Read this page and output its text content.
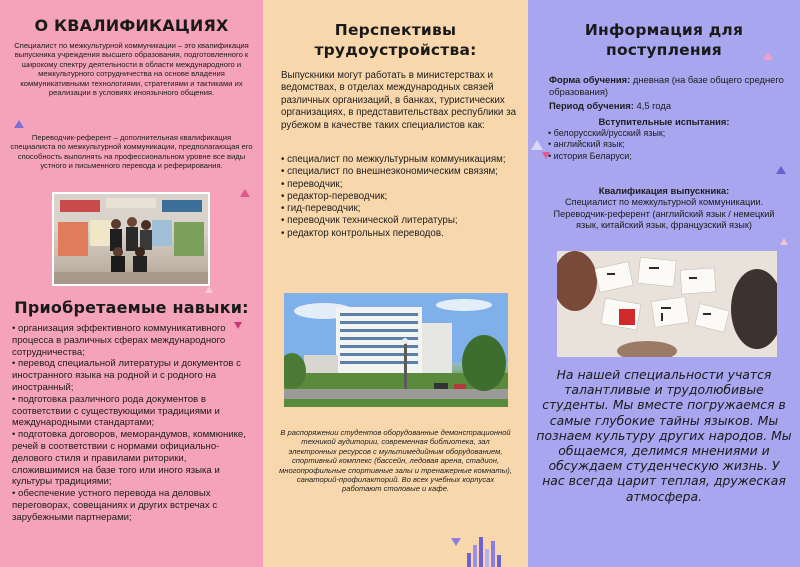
О КВАЛИФИКАЦИЯХ

Специалист по межкультурной коммуникации – это квалификация выпускника учреждения высшего образования, подготовленного к широкому спектру деятельности в области международного и межкультурного сотрудничества на основе владения коммуникативными технологиями, стратегиями и тактиками их реализации в условиях иноязычного общения.

Переводчик-референт – дополнительная квалификация специалиста по межкультурной коммуникации, предполагающая его способность выполнять на профессиональном уровне все виды устного и письменного перевода и реферирования.

Приобретаемые навыки:
• организация эффективного коммуникативного процесса в различных сферах международного сотрудничества;
• перевод специальной литературы и документов с иностранного языка на родной и с родного на иностранный;
• подготовка различного рода документов в соответствии с существующими традициями и международными стандартами;
• подготовка договоров, меморандумов, коммюнике, речей в соответствии с нормами официально-делового стиля и правилами риторики, сложившимися на базе того или иного языка и культуры традициями;
• обеспечение устного перевода на деловых переговорах, совещаниях и других встречах с зарубежными партнерами;
Перспективы трудоустройства:

Выпускники могут работать в министерствах и ведомствах, в отделах международных связей различных организаций, в банках, туристических организациях, в представительствах республики за рубежом в качестве таких специалистов как:

• специалист по межкультурным коммуникациям;
• специалист по внешнеэкономическим связям;
• переводчик;
• редактор-переводчик;
• гид-переводчик;
• переводчик технической литературы;
• редактор контрольных переводов.

В распоряжении студентов оборудованные демонстрационной техникой аудитории, современная библиотека, зал электронных ресурсов с мультимедийным оборудованием, спортивный комплекс (бассейн, ледовая арена, стадион, многопрофильные спортивные залы и тренажерные комнаты), санаторий-профилакторий. Во всех учебных корпусах работают столовые и кафе.

Информация для поступления

Форма обучения: дневная (на базе общего среднего образования)

Период обучения: 4,5 года

Вступительные испытания:
• белорусский/русский язык;
• английский язык;
• история Беларуси;
Квалификация выпускника:

Специалист по межкультурной коммуникации. Переводчик-референт (английский язык / немецкий язык, китайский язык, французский язык)

На нашей специальности учатся талантливые и трудолюбивые студенты. Мы вместе погружаемся в самые глубокие тайны языков. Мы познаем культуру других народов. Мы общаемся, делимся мнениями и обсуждаем студенческую жизнь. У нас всегда царит теплая, дружеская атмосфера.
